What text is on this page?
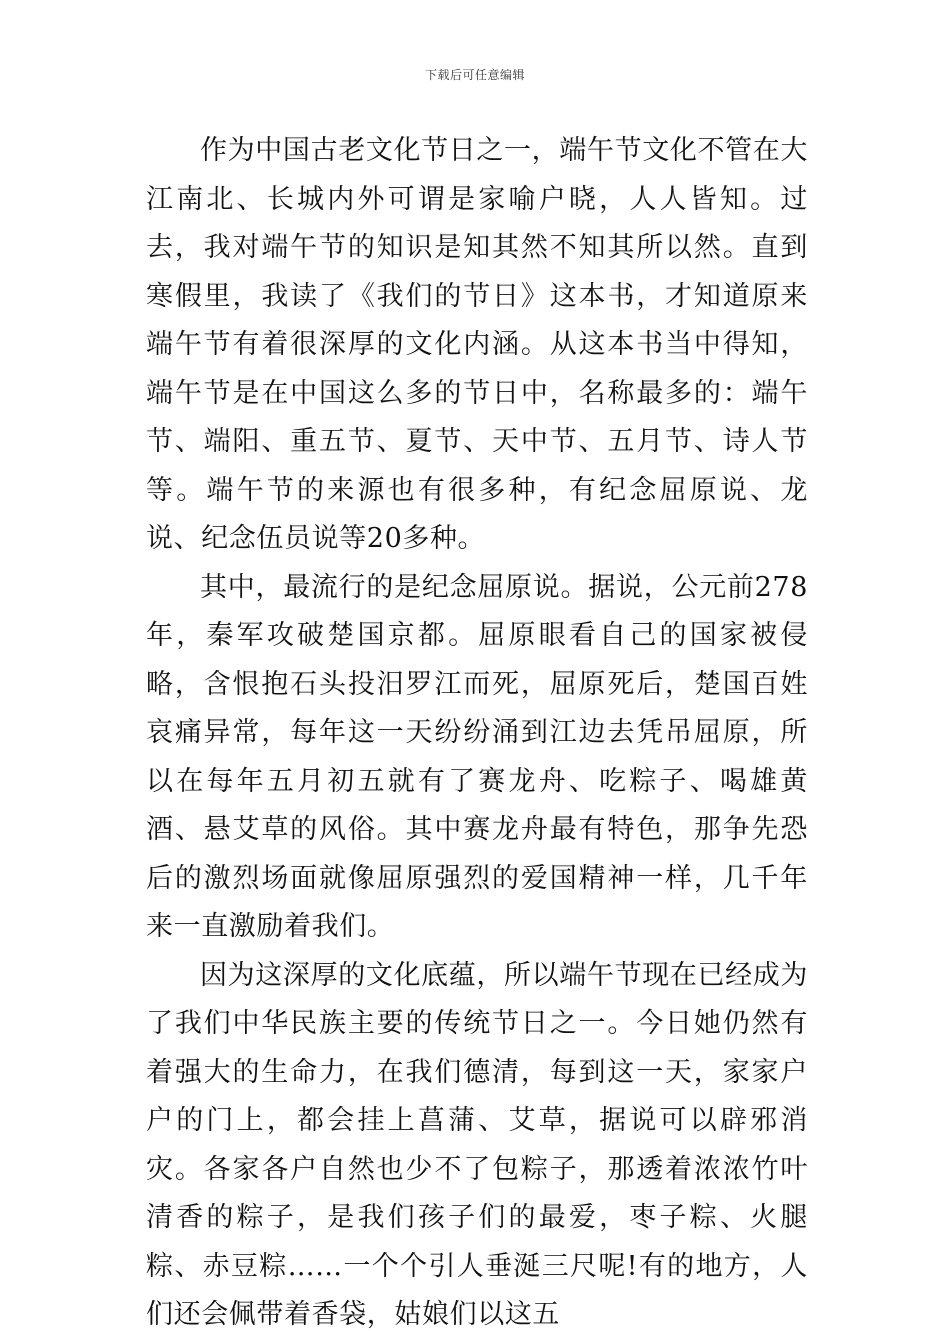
下载后可任意编辑

作为中国古老文化节日之一，端午节文化不管在大江南北、长城内外可谓是家喻户晓，人人皆知。过去，我对端午节的知识是知其然不知其所以然。直到寒假里，我读了《我们的节日》这本书，才知道原来端午节有着很深厚的文化内涵。从这本书当中得知，端午节是在中国这么多的节日中，名称最多的：端午节、端阳、重五节、夏节、天中节、五月节、诗人节等。端午节的来源也有很多种，有纪念屈原说、龙说、纪念伍员说等20多种。

其中，最流行的是纪念屈原说。据说，公元前278年，秦军攻破楚国京都。屈原眼看自己的国家被侵略，含恨抱石头投汨罗江而死，屈原死后，楚国百姓哀痛异常，每年这一天纷纷涌到江边去凭吊屈原，所以在每年五月初五就有了赛龙舟、吃粽子、喝雄黄酒、悬艾草的风俗。其中赛龙舟最有特色，那争先恐后的激烈场面就像屈原强烈的爱国精神一样，几千年来一直激励着我们。

因为这深厚的文化底蕴，所以端午节现在已经成为了我们中华民族主要的传统节日之一。今日她仍然有着强大的生命力，在我们德清，每到这一天，家家户户的门上，都会挂上菖蒲、艾草，据说可以辟邪消灾。各家各户自然也少不了包粽子，那透着浓浓竹叶清香的粽子，是我们孩子们的最爱，枣子粽、火腿粽、赤豆粽……一个个引人垂涎三尺呢!有的地方，人们还会佩带着香袋，姑娘们以这五
